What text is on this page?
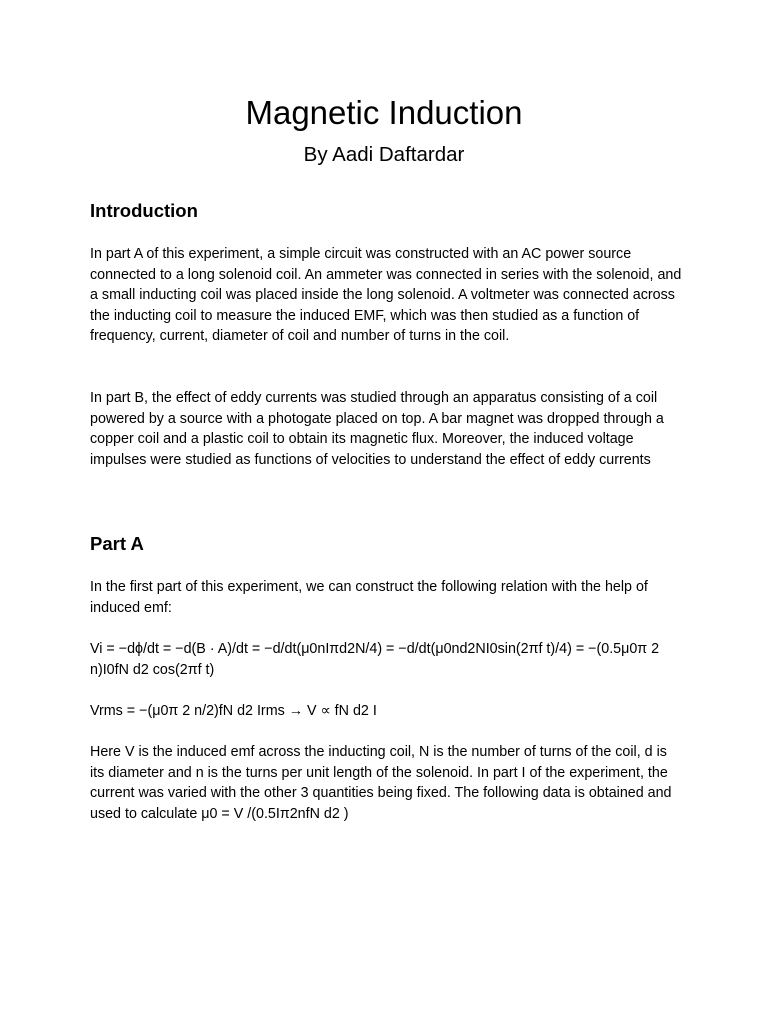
Magnetic Induction
By Aadi Daftardar
Introduction

In part A of this experiment, a simple circuit was constructed with an AC power source connected to a long solenoid coil. An ammeter was connected in series with the solenoid, and a small inducting coil was placed inside the long solenoid. A voltmeter was connected across the inducting coil to measure the induced EMF, which was then studied as a function of frequency, current, diameter of coil and number of turns in the coil.

In part B, the effect of eddy currents was studied through an apparatus consisting of a coil powered by a source with a photogate placed on top. A bar magnet was dropped through a copper coil and a plastic coil to obtain its magnetic flux. Moreover, the induced voltage impulses were studied as functions of velocities to understand the effect of eddy currents

Part A

In the first part of this experiment, we can construct the following relation with the help of induced emf:

Vi = −dϕ/dt = −d(B · A)/dt = −d/dt(μ0nIπd2N/4) = −d/dt(μ0nd2NI0sin(2πf t)/4) = −(0.5μ0π 2 n)I0fN d2 cos(2πf t)

Vrms = −(μ0π 2 n/2)fN d2 Irms → V ∝ fN d2 I

Here V is the induced emf across the inducting coil, N is the number of turns of the coil, d is its diameter and n is the turns per unit length of the solenoid. In part I of the experiment, the current was varied with the other 3 quantities being fixed. The following data is obtained and used to calculate μ0 = V /(0.5Iπ2nfN d2 )
